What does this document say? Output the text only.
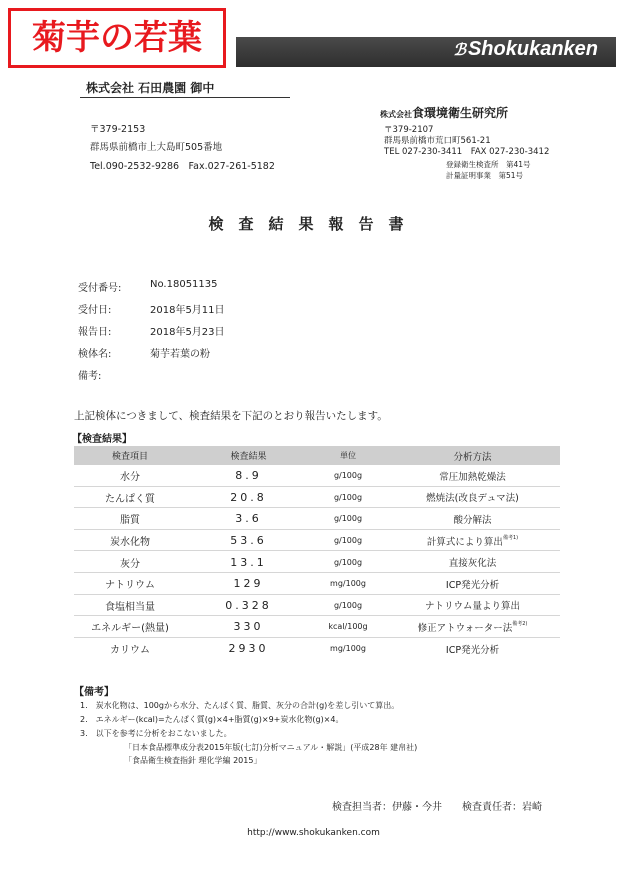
菊芋の若葉	ℬ Shokukanken
株式会社 石田農園 御中
〒379-2153
群馬県前橋市上大島町505番地
Tel.090-2532-9286　Fax.027-261-5182
株式会社食環境衛生研究所
〒379-2107
群馬県前橋市荒口町561-21
TEL 027-230-3411　FAX 027-230-3412
登録衛生検査所　第41号
計量証明事業　第51号
検査結果報告書
受付番号:	No.18051135
受付日:	2018年5月11日
報告日:	2018年5月23日
検体名:	菊芋若葉の粉
備考:
上記検体につきまして、検査結果を下記のとおり報告いたします。
【検査結果】
検査項目	検査結果	単位	分析方法
水分	8.9	g/100g	常圧加熱乾燥法
たんぱく質	20.8	g/100g	燃焼法(改良デュマ法)
脂質	3.6	g/100g	酸分解法
炭水化物	53.6	g/100g	計算式により算出$^{備考1)}$
灰分	13.1	g/100g	直接灰化法
ナトリウム	129	mg/100g	ICP発光分析
食塩相当量	0.328	g/100g	ナトリウム量より算出
エネルギー(熱量)	330	kcal/100g	修正アトウォーター法$^{備考2)}$
カリウム	2930	mg/100g	ICP発光分析
【備考】
1.　炭水化物は、100gから水分、たんぱく質、脂質、灰分の合計(g)を差し引いて算出。
2.　エネルギー(kcal)=たんぱく質(g)×4+脂質(g)×9+炭水化物(g)×4。
3.　以下を参考に分析をおこないました。
「日本食品標準成分表2015年版(七訂)分析マニュアル・解説」(平成28年 建帛社)
「食品衛生検査指針 理化学編 2015」
検査担当者：伊藤・今井　　検査責任者：岩崎
http://www.shokukanken.com
